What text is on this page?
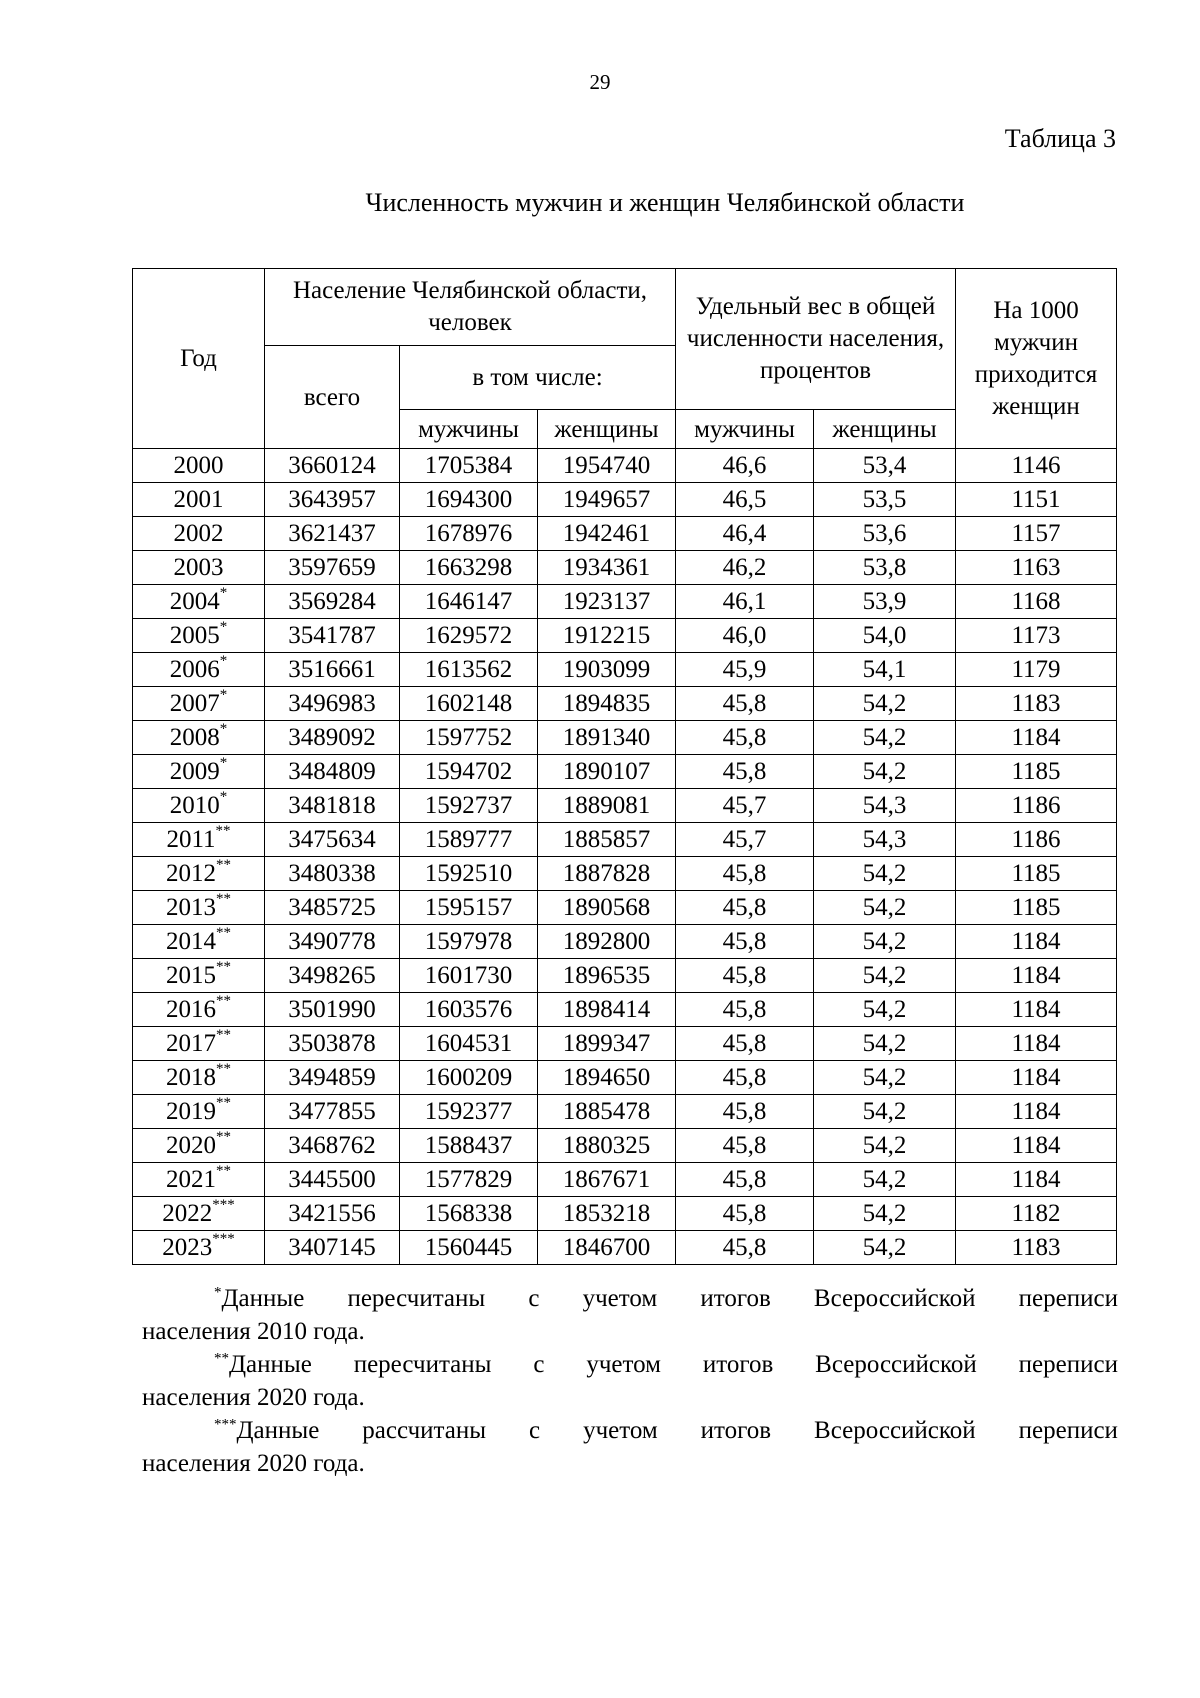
29
Таблица 3
Численность мужчин и женщин Челябинской области
Год	Население Челябинской области, человек			Удельный вес в общей численности населения, процентов		На 1000 мужчин приходится женщин
	всего	в том числе:				
		мужчины	женщины	мужчины	женщины	
2000	3660124	1705384	1954740	46,6	53,4	1146
2001	3643957	1694300	1949657	46,5	53,5	1151
2002	3621437	1678976	1942461	46,4	53,6	1157
2003	3597659	1663298	1934361	46,2	53,8	1163
2004*	3569284	1646147	1923137	46,1	53,9	1168
2005*	3541787	1629572	1912215	46,0	54,0	1173
2006*	3516661	1613562	1903099	45,9	54,1	1179
2007*	3496983	1602148	1894835	45,8	54,2	1183
2008*	3489092	1597752	1891340	45,8	54,2	1184
2009*	3484809	1594702	1890107	45,8	54,2	1185
2010*	3481818	1592737	1889081	45,7	54,3	1186
2011**	3475634	1589777	1885857	45,7	54,3	1186
2012**	3480338	1592510	1887828	45,8	54,2	1185
2013**	3485725	1595157	1890568	45,8	54,2	1185
2014**	3490778	1597978	1892800	45,8	54,2	1184
2015**	3498265	1601730	1896535	45,8	54,2	1184
2016**	3501990	1603576	1898414	45,8	54,2	1184
2017**	3503878	1604531	1899347	45,8	54,2	1184
2018**	3494859	1600209	1894650	45,8	54,2	1184
2019**	3477855	1592377	1885478	45,8	54,2	1184
2020**	3468762	1588437	1880325	45,8	54,2	1184
2021**	3445500	1577829	1867671	45,8	54,2	1184
2022***	3421556	1568338	1853218	45,8	54,2	1182
2023***	3407145	1560445	1846700	45,8	54,2	1183
*Данные пересчитаны с учетом итогов Всероссийской переписи
населения 2010 года.
**Данные пересчитаны с учетом итогов Всероссийской переписи
населения 2020 года.
***Данные рассчитаны с учетом итогов Всероссийской переписи
населения 2020 года.
